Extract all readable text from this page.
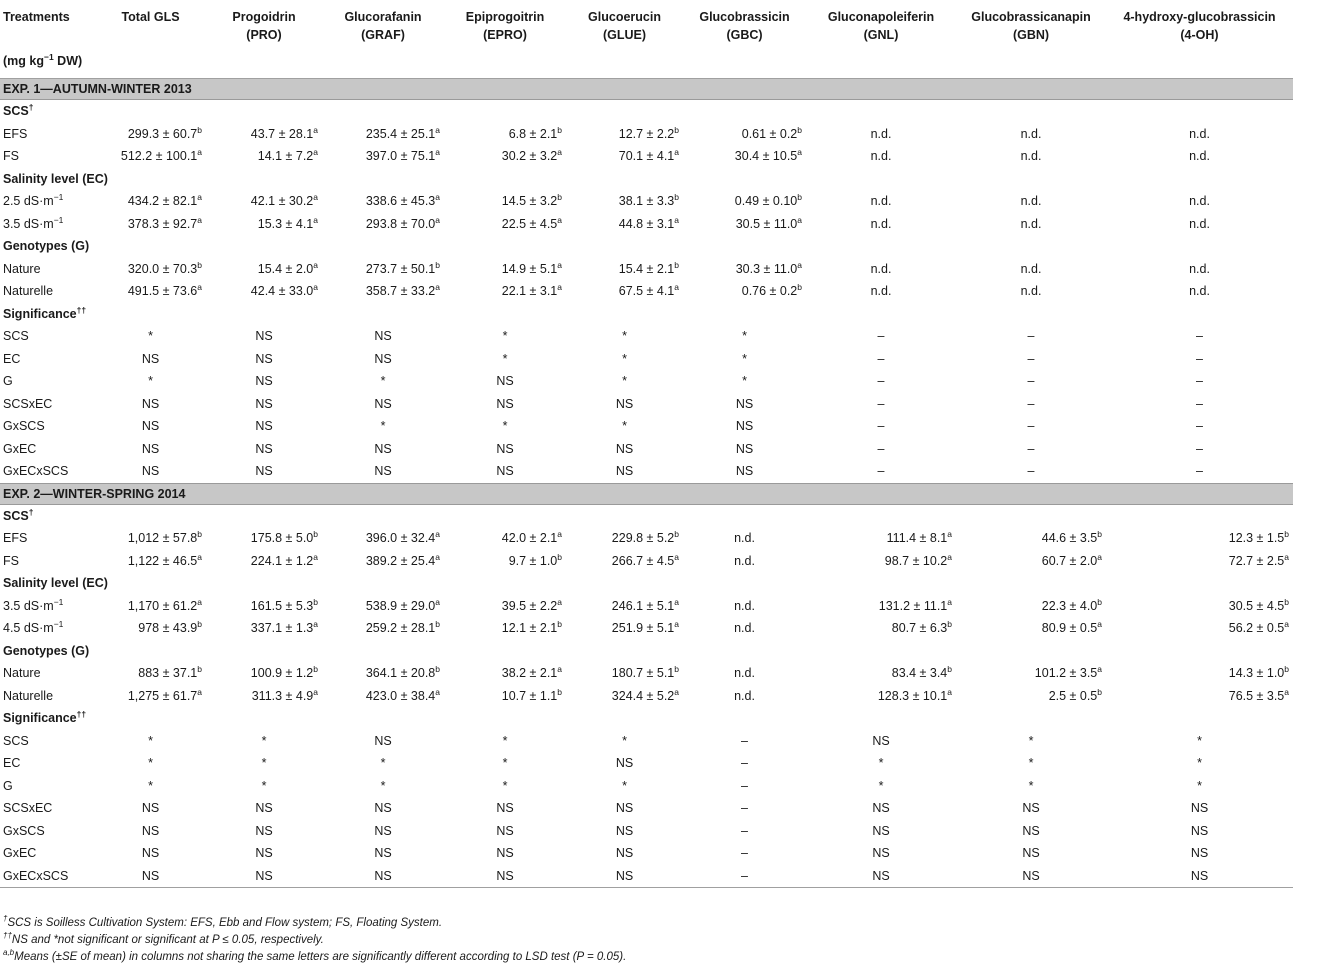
Treatments	Total GLS	Progoidrin	Glucorafanin	Epiprogoitrin	Glucoerucin	Glucobrassicin	Gluconapoleiferin	Glucobrassicanapin	4-hydroxy-glucobrassicin
		(PRO)	(GRAF)	(EPRO)	(GLUE)	(GBC)	(GNL)	(GBN)	(4-OH)
(mg $kg^{-1}$ DW)									
EXP. 1—AUTUMN-WINTER 2013									
SCS†
EFS	299.3 ± 60.7$^b$	43.7 ± 28.1$^a$	235.4 ± 25.1$^a$	6.8 ± 2.1$^b$	12.7 ± 2.2$^b$	0.61 ± 0.2$^b$	n.d.	n.d.	n.d.
FS	512.2 ± 100.1$^a$	14.1 ± 7.2$^a$	397.0 ± 75.1$^a$	30.2 ± 3.2$^a$	70.1 ± 4.1$^a$	30.4 ± 10.5$^a$	n.d.	n.d.	n.d.
Salinity level (EC)									
2.5 $dS\cdot m^{-1}$	434.2 ± 82.1$^a$	42.1 ± 30.2$^a$	338.6 ± 45.3$^a$	14.5 ± 3.2$^b$	38.1 ± 3.3$^b$	0.49 ± 0.10$^b$	n.d.	n.d.	n.d.
3.5 $dS\cdot m^{-1}$	378.3 ± 92.7$^a$	15.3 ± 4.1$^a$	293.8 ± 70.0$^a$	22.5 ± 4.5$^a$	44.8 ± 3.1$^a$	30.5 ± 11.0$^a$	n.d.	n.d.	n.d.
Genotypes (G)									
Nature	320.0 ± 70.3$^b$	15.4 ± 2.0$^a$	273.7 ± 50.1$^b$	14.9 ± 5.1$^a$	15.4 ± 2.1$^b$	30.3 ± 11.0$^a$	n.d.	n.d.	n.d.
Naturelle	491.5 ± 73.6$^a$	42.4 ± 33.0$^a$	358.7 ± 33.2$^a$	22.1 ± 3.1$^a$	67.5 ± 4.1$^a$	0.76 ± 0.2$^b$	n.d.	n.d.	n.d.
Significance††
SCS	*	NS	NS	*	*	*	–	–	–
EC	NS	NS	NS	*	*	*	–	–	–
G	*	NS	*	NS	*	*	–	–	–
SCSxEC	NS	NS	NS	NS	NS	NS	–	–	–
GxSCS	NS	NS	*	*	*	NS	–	–	–
GxEC	NS	NS	NS	NS	NS	NS	–	–	–
GxECxSCS	NS	NS	NS	NS	NS	NS	–	–	–
EXP. 2—WINTER-SPRING 2014									
SCS†
EFS	1,012 ± 57.8$^b$	175.8 ± 5.0$^b$	396.0 ± 32.4$^a$	42.0 ± 2.1$^a$	229.8 ± 5.2$^b$	n.d.	111.4 ± 8.1$^a$	44.6 ± 3.5$^b$	12.3 ± 1.5$^b$
FS	1,122 ± 46.5$^a$	224.1 ± 1.2$^a$	389.2 ± 25.4$^a$	9.7 ± 1.0$^b$	266.7 ± 4.5$^a$	n.d.	98.7 ± 10.2$^a$	60.7 ± 2.0$^a$	72.7 ± 2.5$^a$
Salinity level (EC)									
3.5 $dS\cdot m^{-1}$	1,170 ± 61.2$^a$	161.5 ± 5.3$^b$	538.9 ± 29.0$^a$	39.5 ± 2.2$^a$	246.1 ± 5.1$^a$	n.d.	131.2 ± 11.1$^a$	22.3 ± 4.0$^b$	30.5 ± 4.5$^b$
4.5 $dS\cdot m^{-1}$	978 ± 43.9$^b$	337.1 ± 1.3$^a$	259.2 ± 28.1$^b$	12.1 ± 2.1$^b$	251.9 ± 5.1$^a$	n.d.	80.7 ± 6.3$^b$	80.9 ± 0.5$^a$	56.2 ± 0.5$^a$
Genotypes (G)									
Nature	883 ± 37.1$^b$	100.9 ± 1.2$^b$	364.1 ± 20.8$^b$	38.2 ± 2.1$^a$	180.7 ± 5.1$^b$	n.d.	83.4 ± 3.4$^b$	101.2 ± 3.5$^a$	14.3 ± 1.0$^b$
Naturelle	1,275 ± 61.7$^a$	311.3 ± 4.9$^a$	423.0 ± 38.4$^a$	10.7 ± 1.1$^b$	324.4 ± 5.2$^a$	n.d.	128.3 ± 10.1$^a$	2.5 ± 0.5$^b$	76.5 ± 3.5$^a$
Significance††
SCS	*	*	NS	*	*	–	NS	*	*
EC	*	*	*	*	NS	–	*	*	*
G	*	*	*	*	*	–	*	*	*
SCSxEC	NS	NS	NS	NS	NS	–	NS	NS	NS
GxSCS	NS	NS	NS	NS	NS	–	NS	NS	NS
GxEC	NS	NS	NS	NS	NS	–	NS	NS	NS
GxECxSCS	NS	NS	NS	NS	NS	–	NS	NS	NS
†SCS is Soilless Cultivation System: EFS, Ebb and Flow system; FS, Floating System.
††NS and *not significant or significant at P ≤ 0.05, respectively.
$^{a,b}$Means (±SE of mean) in columns not sharing the same letters are significantly different according to LSD test (P = 0.05).
